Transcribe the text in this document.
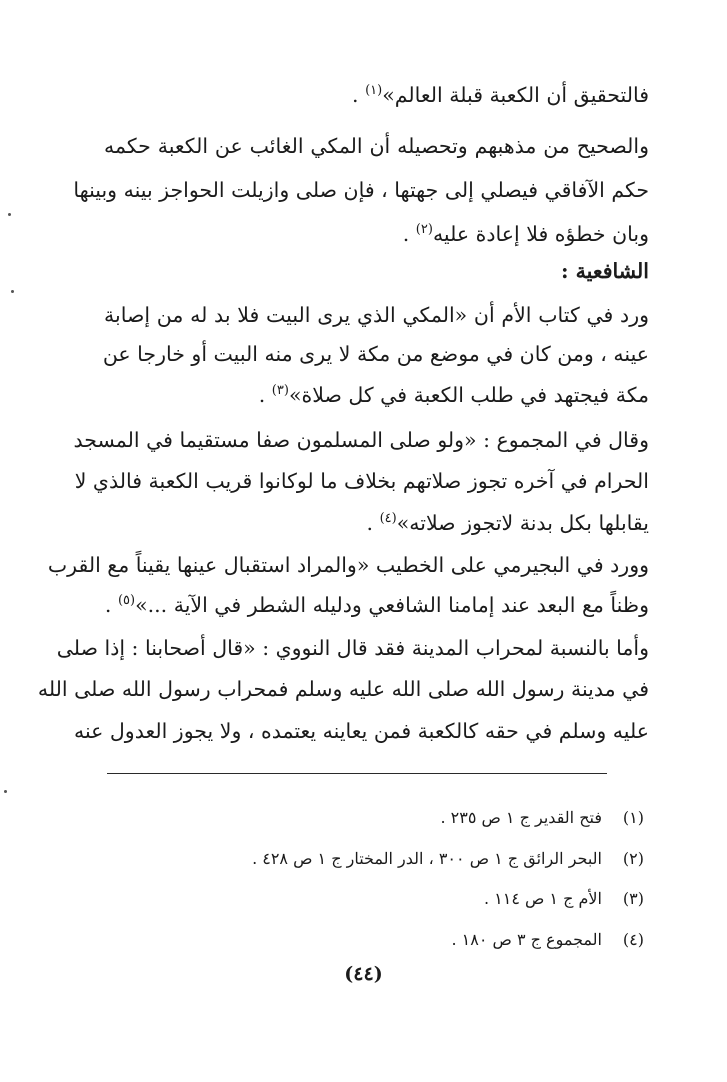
فالتحقيق أن الكعبة قبلة العالم»$^{(١)}$ .
والصحيح من مذهبهم وتحصيله أن المكي الغائب عن الكعبة حكمه
حكم الآفاقي فيصلي إلى جهتها ، فإن صلى وازيلت الحواجز بينه وبينها
وبان خطؤه فلا إعادة عليه$^{(٢)}$ .
الشافعية :
ورد في كتاب الأم أن «المكي الذي يرى البيت فلا بد له من إصابة
عينه ، ومن كان في موضع من مكة لا يرى منه البيت أو خارجا عن
مكة فيجتهد في طلب الكعبة في كل صلاة»$^{(٣)}$ .
وقال في المجموع : «ولو صلى المسلمون صفا مستقيما في المسجد
الحرام في آخره تجوز صلاتهم بخلاف ما لوكانوا قريب الكعبة فالذي لا
يقابلها بكل بدنة لاتجوز صلاته»$^{(٤)}$ .
وورد في البجيرمي على الخطيب «والمراد استقبال عينها يقيناً مع القرب
وظناً مع البعد عند إمامنا الشافعي ودليله الشطر في الآية ...»$^{(٥)}$ .
وأما بالنسبة لمحراب المدينة فقد قال النووي : «قال أصحابنا : إذا صلى
في مدينة رسول الله صلى الله عليه وسلم فمحراب رسول الله صلى الله
عليه وسلم في حقه كالكعبة فمن يعاينه يعتمده ، ولا يجوز العدول عنه
(١)فتح القدير ج ١ ص ٢٣٥ .
(٢)البحر الرائق ج ١ ص ٣٠٠ ، الدر المختار ج ١ ص ٤٢٨ .
(٣)الأم ج ١ ص ١١٤ .
(٤)المجموع ج ٣ ص ١٨٠ .
(٤٤)
